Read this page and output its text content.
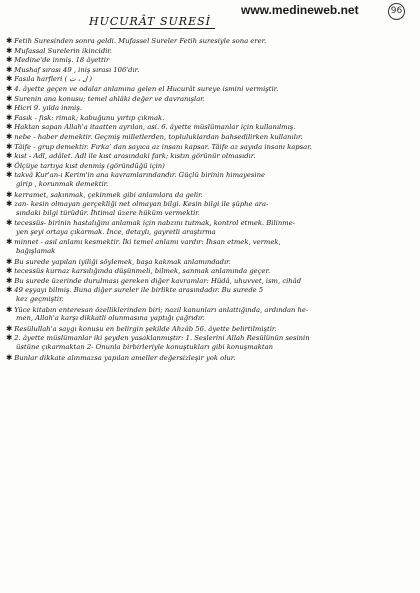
www.medineweb.net	96
HUCURÂT SURESİ
✱ Fetih Suresinden sonra geldi. Mufassel Sureler Fetih suresiyle sona erer.
✱ Mufassal Surelerin ikincidir.
✱ Medine'de inmiş. 18 âyettir
✱ Mushaf sırası 49 , iniş sırası 106'dır.
✱ Fasıla harfleri ( ل ، ت )
✱ 4. âyette geçen ve odalar anlamına gelen el Hucurât sureye ismini vermiştir.
✱ Surenin ana konusu; temel ahlâki değer ve davranışlar.
✱ Hicri 9. yılda inmiş.
✱ Fasık - fısk: rimak; kabuğunu yırtıp çıkmak.
✱ Haktan sapan Allah'a itaatten ayrılan, asi. 6. âyette müslümanlar için kullanılmış.
✱ nebe - haber demektir. Geçmiş milletlerden, topluluklardan bahsedilirken kullanılır.
✱ Tâife - grup demektir. Fırka’ dan sayıca az insanı kapsar. Tâife az sayıda insanı kapsar.
✱ kıst - Adl, adâlet. Adl ile kıst arasındaki fark; kıstın görünür olmasıdır.
✱ Ölçüye tartıya kıst denmiş (göründüğü için)
✱ takvâ Kur'an-ı Kerim'in ana kavramlarındandır. Güçlü birinin himayesine
girip , korunmak demektir.
✱ kerramet, sakınmak, çekinmek gibi anlamlara da gelir.
✱ zan- kesin olmayan gerçekliği net olmayan bilgi. Kesin bilgi ile şüphe ara-
sındaki bilgi türüdür. İhtimal üzere hüküm vermektir.
✱ tecessüs- birinin hastalığını anlamak için nabzını tutmak, kontrol etmek. Bilinme-
yen şeyi ortaya çıkarmak. İnce, detaylı, gayretli araştırma
✱ minnet - asıl anlamı kesmektir. İki temel anlamı vardır: İhsan etmek, vermek,
bağışlamak
✱ Bu surede yapılan iyiliği söylemek, başa kakmak anlamındadır.
✱ tecessüs kurnaz karsılığında düşünmeli, bilmek, sanmak anlamında geçer.
✱ Bu surede üzerinde durulması gereken diğer kavramlar: Hüdâ, uhuvvet, ism, cihâd
✱ 49 eşyayı bilmiş. Buna diğer sureler ile birlikte arasındadır. Bu surede 5
kez geçmiştir.
✱ Yüce kitabın enteresan özelliklerinden biri; nazil kanunları anlattığında, ardından he-
men, Allah'a karşı dikkatli olunmasına yaptığı çağrıdır.
✱ Resülullah'a saygı konusu en belirgin şekilde Ahzâb 56. âyette belirtilmiştir.
✱ 2. âyette müslümanlar iki şeyden yasaklanmıştır: 1. Seslerini Allah Resülünün sesinin
üstüne çıkarmaktan 2- Onunla birbirleriyle konuştukları gibi konuşmaktan
✱ Bunlar dikkate alınmazsa yapılan ameller değersizleşir yok olur.
